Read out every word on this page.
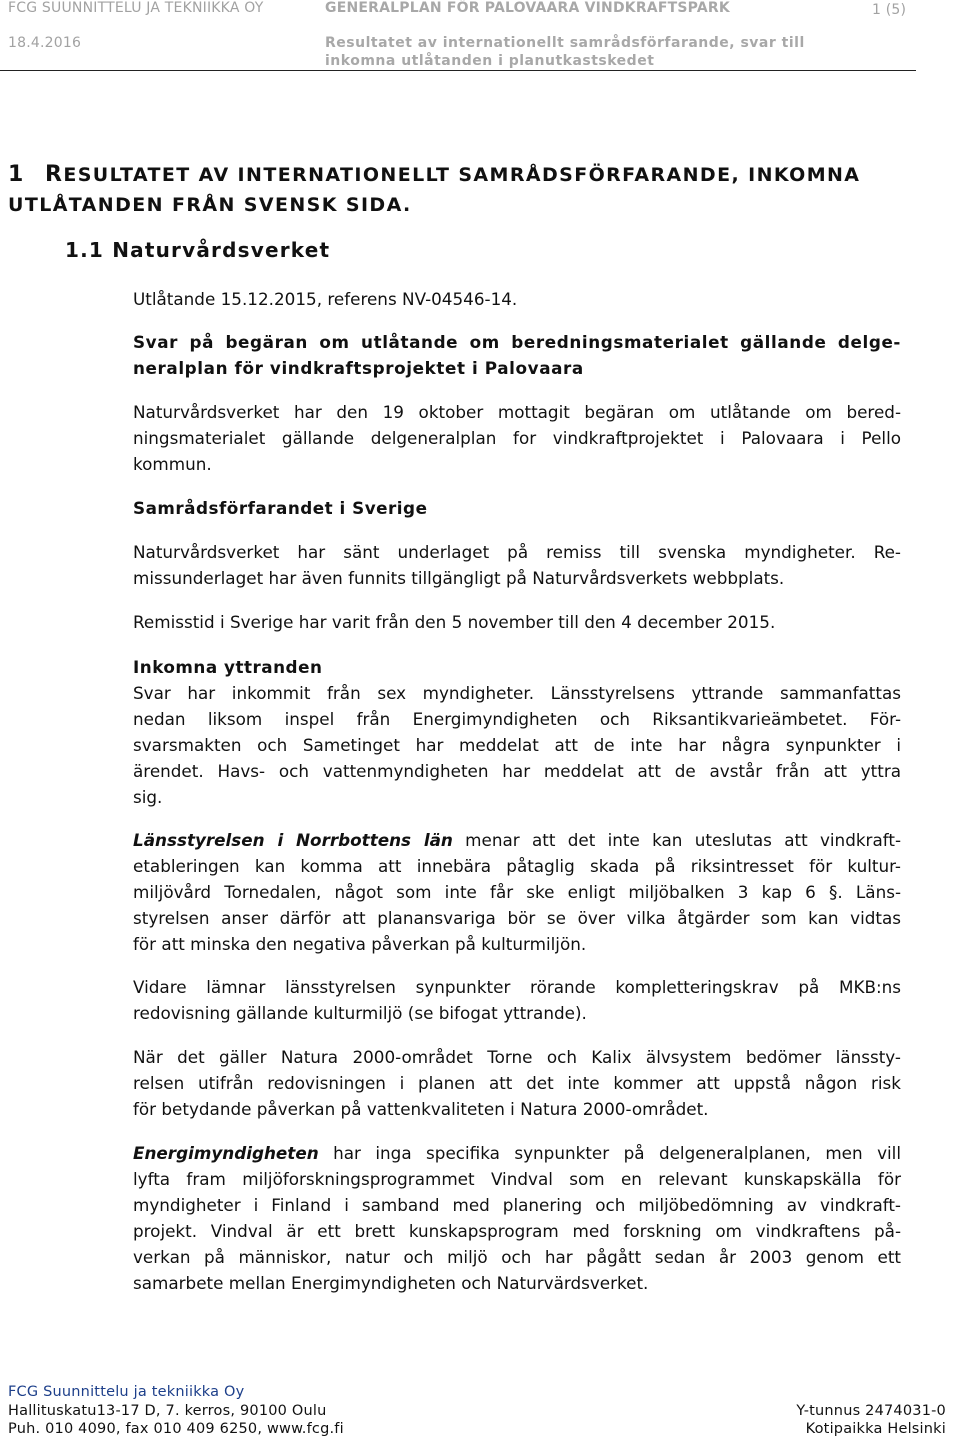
FCG SUUNNITTELU JA TEKNIIKKA OY	GENERALPLAN FÖR PALOVAARA VINDKRAFTSPARK	1 (5)
18.4.2016	Resultatet av internationellt samrådsförfarande, svar till
inkomna utlåtanden i planutkastskedet
1 RESULTATET AV INTERNATIONELLT SAMRÅDSFÖRFARANDE, INKOMNA
UTLÅTANDEN FRÅN SVENSK SIDA.
1.1 Naturvårdsverket
Utlåtande 15.12.2015, referens NV-04546-14.
Svar på begäran om utlåtande om beredningsmaterialet gällande delge-
neralplan för vindkraftsprojektet i Palovaara
Naturvårdsverket har den 19 oktober mottagit begäran om utlåtande om bered-
ningsmaterialet gällande delgeneralplan for vindkraftprojektet i Palovaara i Pello
kommun.
Samrådsförfarandet i Sverige
Naturvårdsverket har sänt underlaget på remiss till svenska myndigheter. Re-
missunderlaget har även funnits tillgängligt på Naturvårdsverkets webbplats.
Remisstid i Sverige har varit från den 5 november till den 4 december 2015.
Inkomna yttranden
Svar har inkommit från sex myndigheter. Länsstyrelsens yttrande sammanfattas
nedan liksom inspel från Energimyndigheten och Riksantikvarieämbetet. För-
svarsmakten och Sametinget har meddelat att de inte har några synpunkter i
ärendet. Havs- och vattenmyndigheten har meddelat att de avstår från att yttra
sig.
Länsstyrelsen i Norrbottens län menar att det inte kan uteslutas att vindkraft-
etableringen kan komma att innebära påtaglig skada på riksintresset för kultur-
miljövård Tornedalen, något som inte får ske enligt miljöbalken 3 kap 6 §. Läns-
styrelsen anser därför att planansvariga bör se över vilka åtgärder som kan vidtas
för att minska den negativa påverkan på kulturmiljön.
Vidare lämnar länsstyrelsen synpunkter rörande kompletteringskrav på MKB:ns
redovisning gällande kulturmiljö (se bifogat yttrande).
När det gäller Natura 2000-området Torne och Kalix älvsystem bedömer länssty-
relsen utifrån redovisningen i planen att det inte kommer att uppstå någon risk
för betydande påverkan på vattenkvaliteten i Natura 2000-området.
Energimyndigheten har inga specifika synpunkter på delgeneralplanen, men vill
lyfta fram miljöforskningsprogrammet Vindval som en relevant kunskapskälla för
myndigheter i Finland i samband med planering och miljöbedömning av vindkraft-
projekt. Vindval är ett brett kunskapsprogram med forskning om vindkraftens på-
verkan på människor, natur och miljö och har pågått sedan år 2003 genom ett
samarbete mellan Energimyndigheten och Naturvärdsverket.
FCG Suunnittelu ja tekniikka Oy
Hallituskatu13-17 D, 7. kerros, 90100 Oulu
Puh. 010 4090, fax 010 409 6250, www.fcg.fi
Y-tunnus 2474031-0
Kotipaikka Helsinki
